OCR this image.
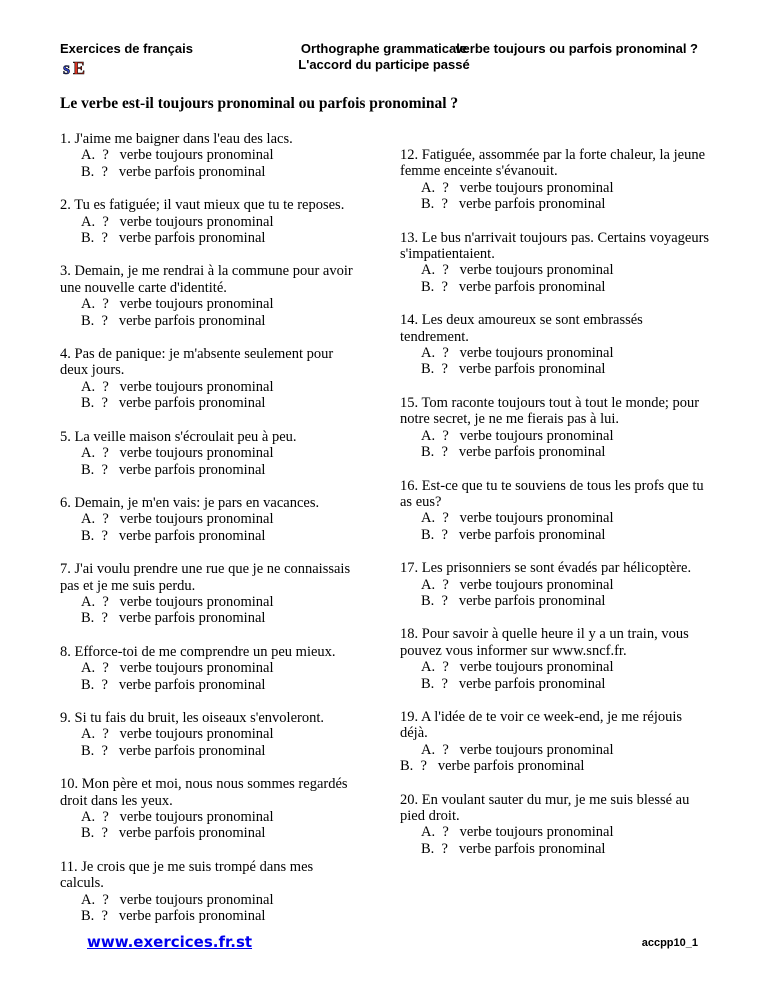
Exercices de français	Orthographe grammaticale
L'accord du participe passé
verbe toujours ou parfois pronominal ?
s E
Le verbe est-il toujours pronominal ou parfois pronominal ?
1. J'aime me baigner dans l'eau des lacs.
A.  ?   verbe toujours pronominal
B.  ?   verbe parfois pronominal
2. Tu es fatiguée; il vaut mieux que tu te reposes.
A.  ?   verbe toujours pronominal
B.  ?   verbe parfois pronominal
3. Demain, je me rendrai à la commune pour avoir une nouvelle carte d'identité.
A.  ?   verbe toujours pronominal
B.  ?   verbe parfois pronominal
4. Pas de panique: je m'absente seulement pour deux jours.
A.  ?   verbe toujours pronominal
B.  ?   verbe parfois pronominal
5. La veille maison s'écroulait peu à peu.
A.  ?   verbe toujours pronominal
B.  ?   verbe parfois pronominal
6. Demain, je m'en vais: je pars en vacances.
A.  ?   verbe toujours pronominal
B.  ?   verbe parfois pronominal
7. J'ai voulu prendre une rue que je ne connaissais pas et je me suis perdu.
A.  ?   verbe toujours pronominal
B.  ?   verbe parfois pronominal
8. Efforce-toi de me comprendre un peu mieux.
A.  ?   verbe toujours pronominal
B.  ?   verbe parfois pronominal
9. Si tu fais du bruit, les oiseaux s'envoleront.
A.  ?   verbe toujours pronominal
B.  ?   verbe parfois pronominal
10. Mon père et moi, nous nous sommes regardés droit dans les yeux.
A.  ?   verbe toujours pronominal
B.  ?   verbe parfois pronominal
11. Je crois que je me suis trompé dans mes calculs.
A.  ?   verbe toujours pronominal
B.  ?   verbe parfois pronominal
12. Fatiguée, assommée par la forte chaleur, la jeune femme enceinte s'évanouit.
A.  ?   verbe toujours pronominal
B.  ?   verbe parfois pronominal
13. Le bus n'arrivait toujours pas. Certains voyageurs s'impatientaient.
A.  ?   verbe toujours pronominal
B.  ?   verbe parfois pronominal
14. Les deux amoureux se sont embrassés tendrement.
A.  ?   verbe toujours pronominal
B.  ?   verbe parfois pronominal
15. Tom raconte toujours tout à tout le monde; pour notre secret, je ne me fierais pas à lui.
A.  ?   verbe toujours pronominal
B.  ?   verbe parfois pronominal
16. Est-ce que tu te souviens de tous les profs que tu as eus?
A.  ?   verbe toujours pronominal
B.  ?   verbe parfois pronominal
17. Les prisonniers se sont évadés par hélicoptère.
A.  ?   verbe toujours pronominal
B.  ?   verbe parfois pronominal
18. Pour savoir à quelle heure il y a un train, vous pouvez vous informer sur www.sncf.fr.
A.  ?   verbe toujours pronominal
B.  ?   verbe parfois pronominal
19. A l'idée de te voir ce week-end, je me réjouis déjà.
A.  ?   verbe toujours pronominal
B.  ?   verbe parfois pronominal
20. En voulant sauter du mur, je me suis blessé au pied droit.
A.  ?   verbe toujours pronominal
B.  ?   verbe parfois pronominal
www.exercices.fr.st	accpp10_1
